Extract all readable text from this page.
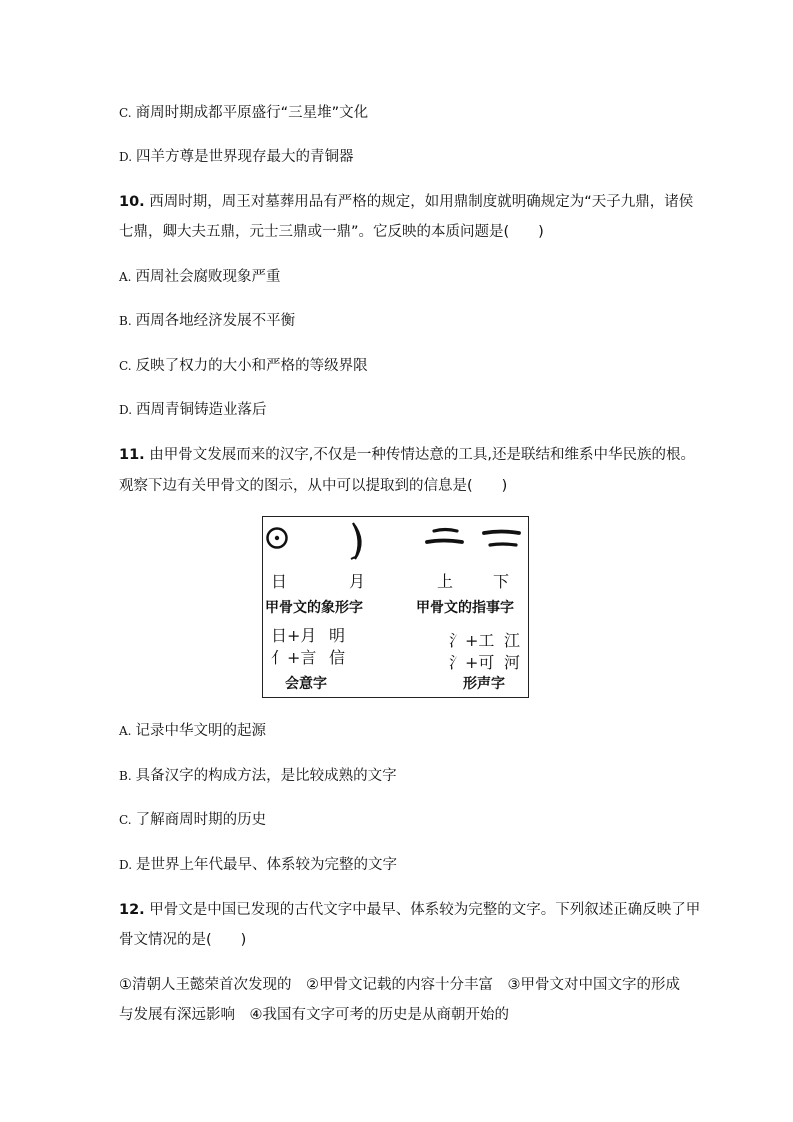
C. 商周时期成都平原盛行“三星堆”文化
D. 四羊方尊是世界现存最大的青铜器
10. 西周时期，周王对墓葬用品有严格的规定，如用鼎制度就明确规定为“天子九鼎，诸侯
七鼎，卿大夫五鼎，元士三鼎或一鼎”。它反映的本质问题是(　　)
A. 西周社会腐败现象严重
B. 西周各地经济发展不平衡
C. 反映了权力的大小和严格的等级界限
D. 西周青铜铸造业落后
11. 由甲骨文发展而来的汉字,不仅是一种传情达意的工具,还是联结和维系中华民族的根。
观察下边有关甲骨文的图示，从中可以提取到的信息是(　　)
日	月	上 下
甲骨文的象形字	甲骨文的指事字
日+月 明
亻+言 信
氵+工 江
氵+可 河
会意字	形声字
A. 记录中华文明的起源
B. 具备汉字的构成方法，是比较成熟的文字
C. 了解商周时期的历史
D. 是世界上年代最早、体系较为完整的文字
12. 甲骨文是中国已发现的古代文字中最早、体系较为完整的文字。下列叙述正确反映了甲
骨文情况的是(　　)
①清朝人王懿荣首次发现的　②甲骨文记载的内容十分丰富　③甲骨文对中国文字的形成
与发展有深远影响　④我国有文字可考的历史是从商朝开始的
